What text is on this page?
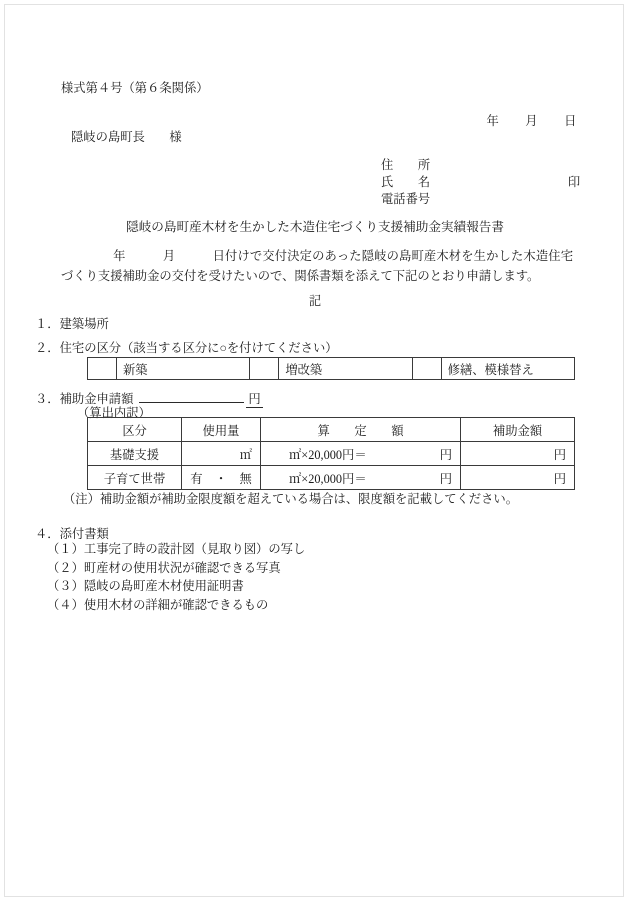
様式第４号（第６条関係）

年 月 日

隠岐の島町長　　様
住　　所
氏　　名	印
電話番号
隠岐の島町産木材を生かした木造住宅づくり支援補助金実績報告書
年　　　月　　　日付けで交付決定のあった隠岐の島町産木材を生かした木造住宅づくり支援補助金の交付を受けたいので、関係書類を添えて下記のとおり申請します。
記
１．建築場所
２．住宅の区分（該当する区分に○を付けてください）
	新築		増改築		修繕、模様替え
３．補助金申請額	円
（算出内訳）
区分	使用量	算　　定　　額	補助金額
基礎支援	㎡	㎡×20,000円＝ 円	円
子育て世帯	有　・　無	㎡×20,000円＝ 円	円
（注）補助金額が補助金限度額を超えている場合は、限度額を記載してください。
４．添付書類
（１）工事完了時の設計図（見取り図）の写し
（２）町産材の使用状況が確認できる写真
（３）隠岐の島町産木材使用証明書
（４）使用木材の詳細が確認できるもの
